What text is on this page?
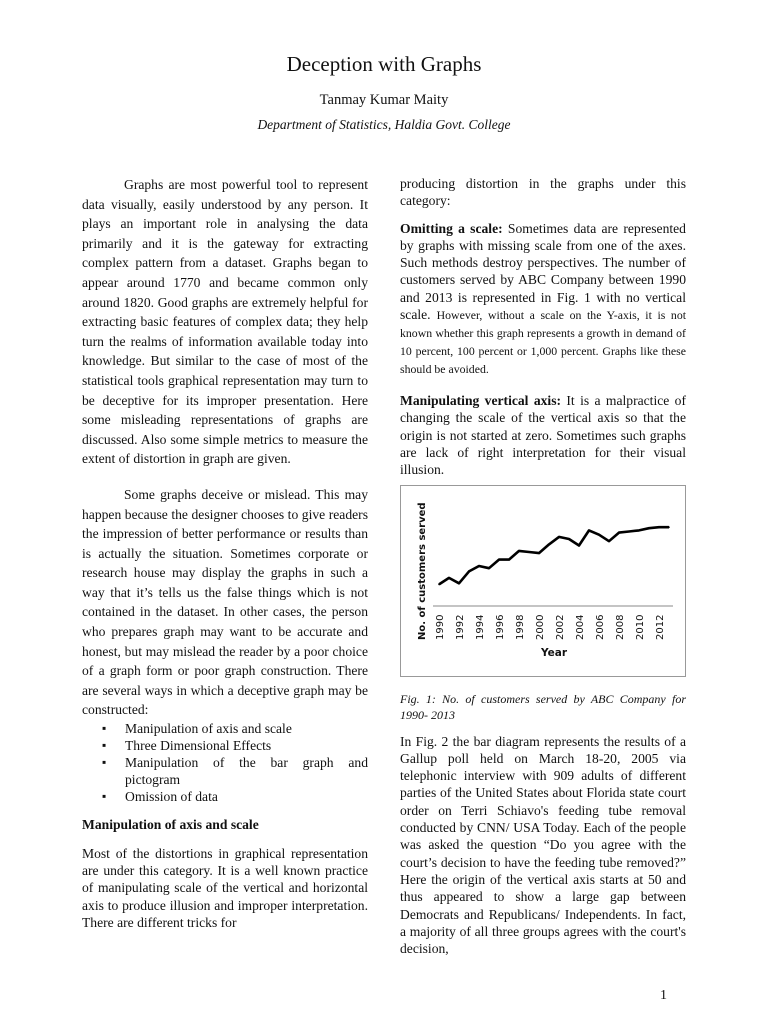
Deception with Graphs
Tanmay Kumar Maity
Department of Statistics, Haldia Govt. College

Graphs are most powerful tool to represent data visually, easily understood by any person. It plays an important role in analysing the data primarily and it is the gateway for extracting complex pattern from a dataset. Graphs began to appear around 1770 and became common only around 1820. Good graphs are extremely helpful for extracting basic features of complex data; they help turn the realms of information available today into knowledge. But similar to the case of most of the statistical tools graphical representation may turn to be deceptive for its improper presentation. Here some misleading representations of graphs are discussed. Also some simple metrics to measure the extent of distortion in graph are given.

Some graphs deceive or mislead. This may happen because the designer chooses to give readers the impression of better performance or results than is actually the situation. Sometimes corporate or research house may display the graphs in such a way that it’s tells us the false things which is not contained in the dataset. In other cases, the person who prepares graph may want to be accurate and honest, but may mislead the reader by a poor choice of a graph form or poor graph construction. There are several ways in which a deceptive graph may be constructed:

▪ Manipulation of axis and scale
▪ Three Dimensional Effects
▪ Manipulation of the bar graph and pictogram
▪ Omission of data

Manipulation of axis and scale

Most of the distortions in graphical representation are under this category. It is a well known practice of manipulating scale of the vertical and horizontal axis to produce illusion and improper interpretation. There are different tricks for

producing distortion in the graphs under this category:

Omitting a scale: Sometimes data are represented by graphs with missing scale from one of the axes. Such methods destroy perspectives. The number of customers served by ABC Company between 1990 and 2013 is represented in Fig. 1 with no vertical scale. However, without a scale on the Y-axis, it is not known whether this graph represents a growth in demand of 10 percent, 100 percent or 1,000 percent. Graphs like these should be avoided.

Manipulating vertical axis: It is a malpractice of changing the scale of the vertical axis so that the origin is not started at zero. Sometimes such graphs are lack of right interpretation for their visual illusion.

1990 1992 1994 1996 1998 2000 2002 2004 2006 2008 2010 2012
No. of customers served
Year

Fig. 1: No. of customers served by ABC Company for 1990- 2013

In Fig. 2 the bar diagram represents the results of a Gallup poll held on March 18-20, 2005 via telephonic interview with 909 adults of different parties of the United States about Florida state court order on Terri Schiavo's feeding tube removal conducted by CNN/ USA Today. Each of the people was asked the question “Do you agree with the court’s decision to have the feeding tube removed?” Here the origin of the vertical axis starts at 50 and thus appeared to show a large gap between Democrats and Republicans/ Independents. In fact, a majority of all three groups agrees with the court's decision,

1
